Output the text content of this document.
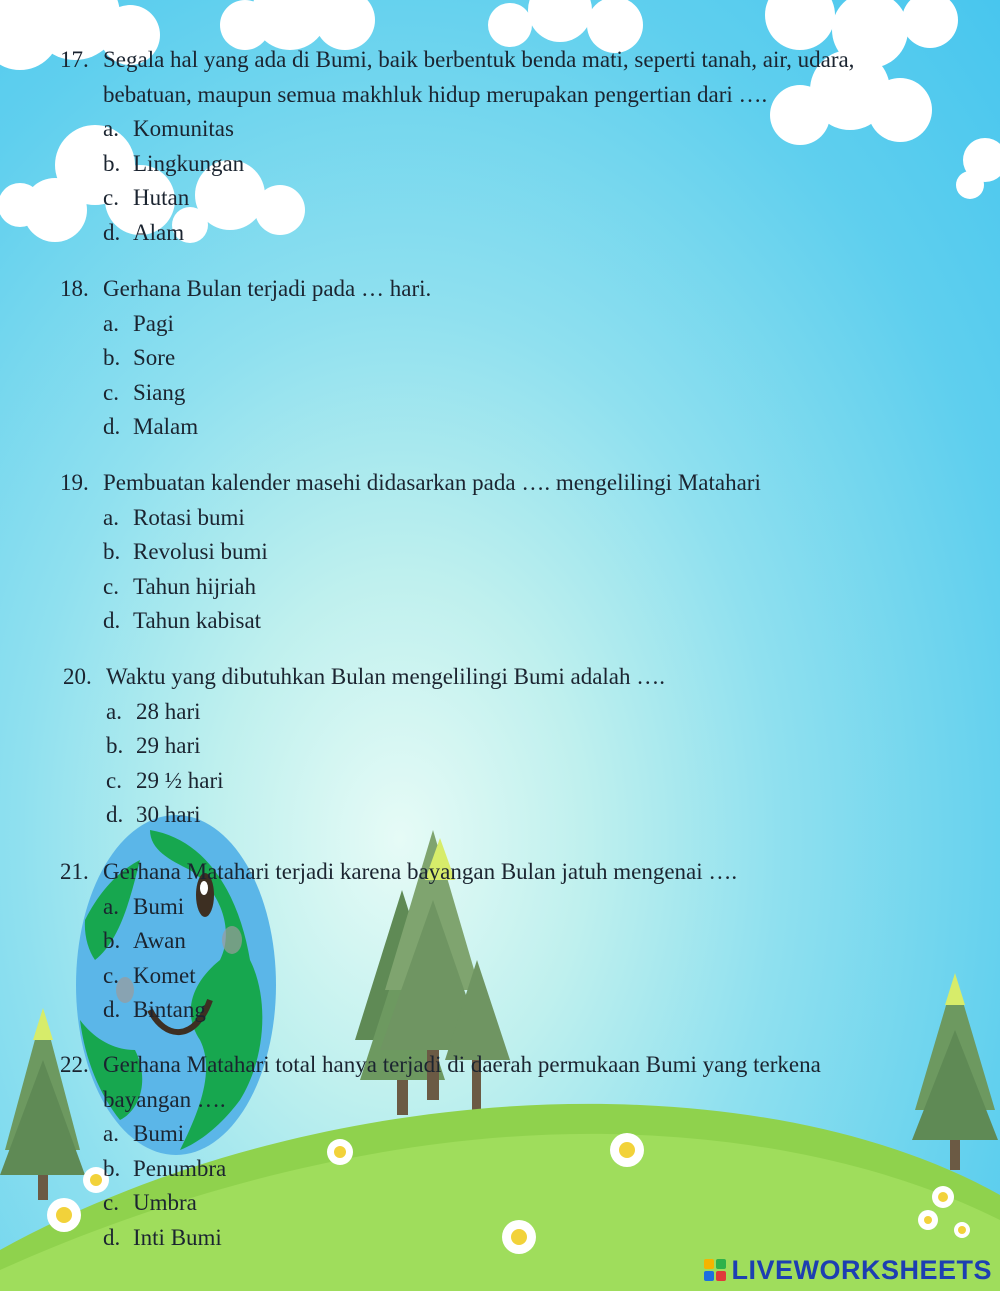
17. Segala hal yang ada di Bumi, baik berbentuk benda mati, seperti tanah, air, udara,
bebatuan, maupun semua makhluk hidup merupakan pengertian dari ….
a. Komunitas
b. Lingkungan
c. Hutan
d. Alam
18. Gerhana Bulan terjadi pada … hari.
a. Pagi
b. Sore
c. Siang
d. Malam
19. Pembuatan kalender masehi didasarkan pada …. mengelilingi Matahari
a. Rotasi bumi
b. Revolusi bumi
c. Tahun hijriah
d. Tahun kabisat
20. Waktu yang dibutuhkan Bulan mengelilingi Bumi adalah ….
a. 28 hari
b. 29 hari
c. 29 ½ hari
d. 30 hari
21. Gerhana Matahari terjadi karena bayangan Bulan jatuh mengenai ….
a. Bumi
b. Awan
c. Komet
d. Bintang
22. Gerhana Matahari total hanya terjadi di daerah permukaan Bumi yang terkena
bayangan ….
a. Bumi
b. Penumbra
c. Umbra
d. Inti Bumi
LIVEWORKSHEETS
